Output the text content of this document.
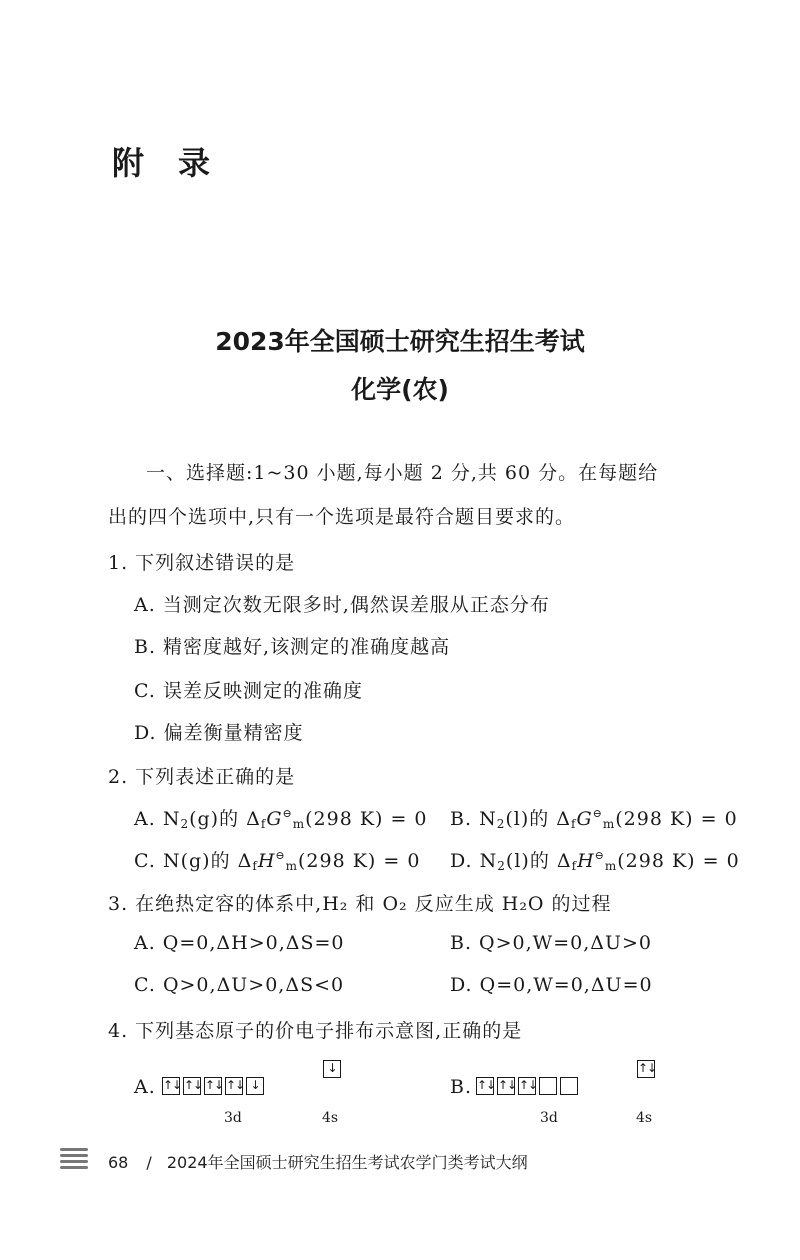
附录
2023年全国硕士研究生招生考试
化学(农)
一、选择题:1~30 小题,每小题 2 分,共 60 分。在每题给
出的四个选项中,只有一个选项是最符合题目要求的。
1. 下列叙述错误的是
A. 当测定次数无限多时,偶然误差服从正态分布
B. 精密度越好,该测定的准确度越高
C. 误差反映测定的准确度
D. 偏差衡量精密度
2. 下列表述正确的是
A. $N_2(g)$的 $\Delta_fG^⊖_m(298$ K) = 0 B. $N_2(l)$的 $\Delta_fG^⊖_m(298$ K) = 0
C. N(g)的 $\Delta_fH^⊖_m(298$ K) = 0 D. $N_2(l)$的 $\Delta_fH^⊖_m(298$ K) = 0
3. 在绝热定容的体系中,H₂ 和 O₂ 反应生成 H₂O 的过程
A. Q=0,ΔH>0,ΔS=0	B. Q>0,W=0,ΔU>0
C. Q>0,ΔU>0,ΔS<0	D. Q=0,W=0,ΔU=0
4. 下列基态原子的价电子排布示意图,正确的是
A. ↑↓ ↑↓ ↑↓ ↑↓ ↓
↓
3d	4s
B. ↑↓ ↑↓ ↑↓
↑↓
3d	4s
68 / 2024年全国硕士研究生招生考试农学门类考试大纲
